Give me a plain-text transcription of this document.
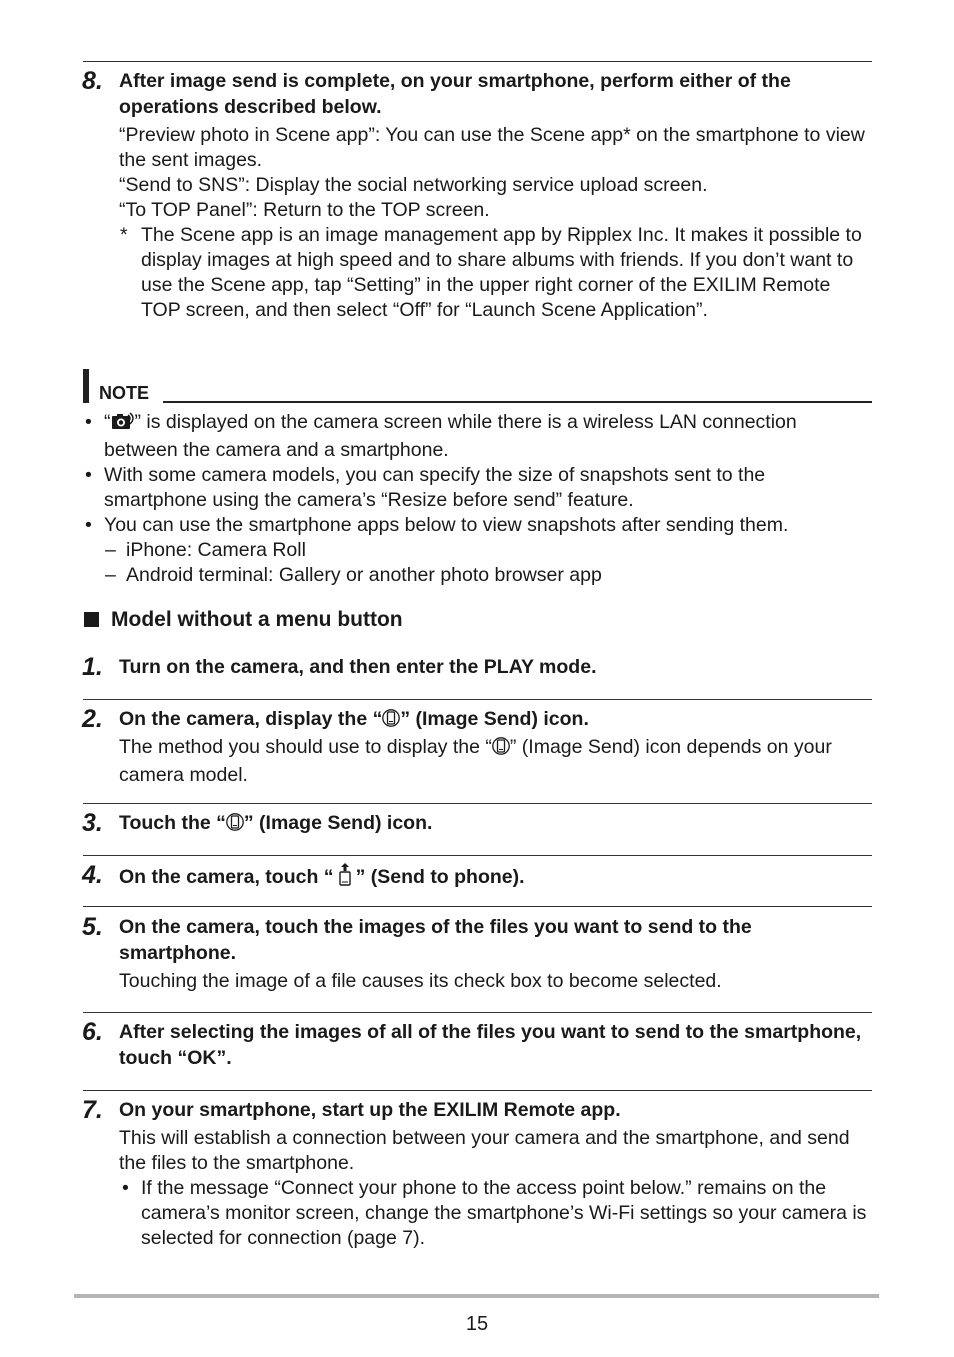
8. After image send is complete, on your smartphone, perform either of the operations described below.

“Preview photo in Scene app”: You can use the Scene app* on the smartphone to view the sent images.

“Send to SNS”: Display the social networking service upload screen.

“To TOP Panel”: Return to the TOP screen.

* The Scene app is an image management app by Ripplex Inc. It makes it possible to display images at high speed and to share albums with friends. If you don’t want to use the Scene app, tap “Setting” in the upper right corner of the EXILIM Remote TOP screen, and then select “Off” for “Launch Scene Application”.
NOTE
• “ ” is displayed on the camera screen while there is a wireless LAN connection between the camera and a smartphone.
• With some camera models, you can specify the size of snapshots sent to the smartphone using the camera’s “Resize before send” feature.
• You can use the smartphone apps below to view snapshots after sending them.
– iPhone: Camera Roll
– Android terminal: Gallery or another photo browser app
Model without a menu button
1. Turn on the camera, and then enter the PLAY mode.

2. On the camera, display the “ ” (Image Send) icon.

The method you should use to display the “ ” (Image Send) icon depends on your camera model.

3. Touch the “ ” (Image Send) icon.

4. On the camera, touch “ ” (Send to phone).

5. On the camera, touch the images of the files you want to send to the smartphone.

Touching the image of a file causes its check box to become selected.

6. After selecting the images of all of the files you want to send to the smartphone, touch “OK”.

7. On your smartphone, start up the EXILIM Remote app.

This will establish a connection between your camera and the smartphone, and send the files to the smartphone.

• If the message “Connect your phone to the access point below.” remains on the camera’s monitor screen, change the smartphone’s Wi-Fi settings so your camera is selected for connection (page 7).
15
